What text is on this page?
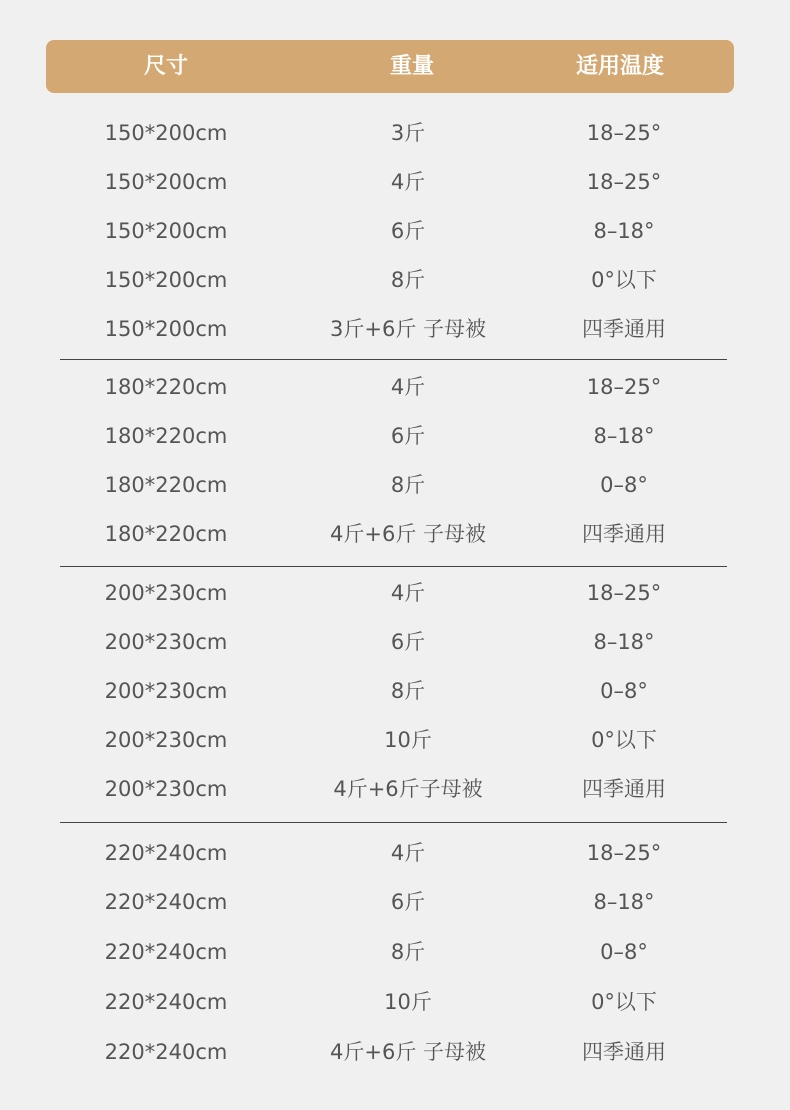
尺寸	重量	适用温度
150*200cm	3斤	18–25°
150*200cm	4斤	18–25°
150*200cm	6斤	8–18°
150*200cm	8斤	0°以下
150*200cm	3斤+6斤 子母被	四季通用
180*220cm	4斤	18–25°
180*220cm	6斤	8–18°
180*220cm	8斤	0–8°
180*220cm	4斤+6斤 子母被	四季通用
200*230cm	4斤	18–25°
200*230cm	6斤	8–18°
200*230cm	8斤	0–8°
200*230cm	10斤	0°以下
200*230cm	4斤+6斤子母被	四季通用
220*240cm	4斤	18–25°
220*240cm	6斤	8–18°
220*240cm	8斤	0–8°
220*240cm	10斤	0°以下
220*240cm	4斤+6斤 子母被	四季通用
